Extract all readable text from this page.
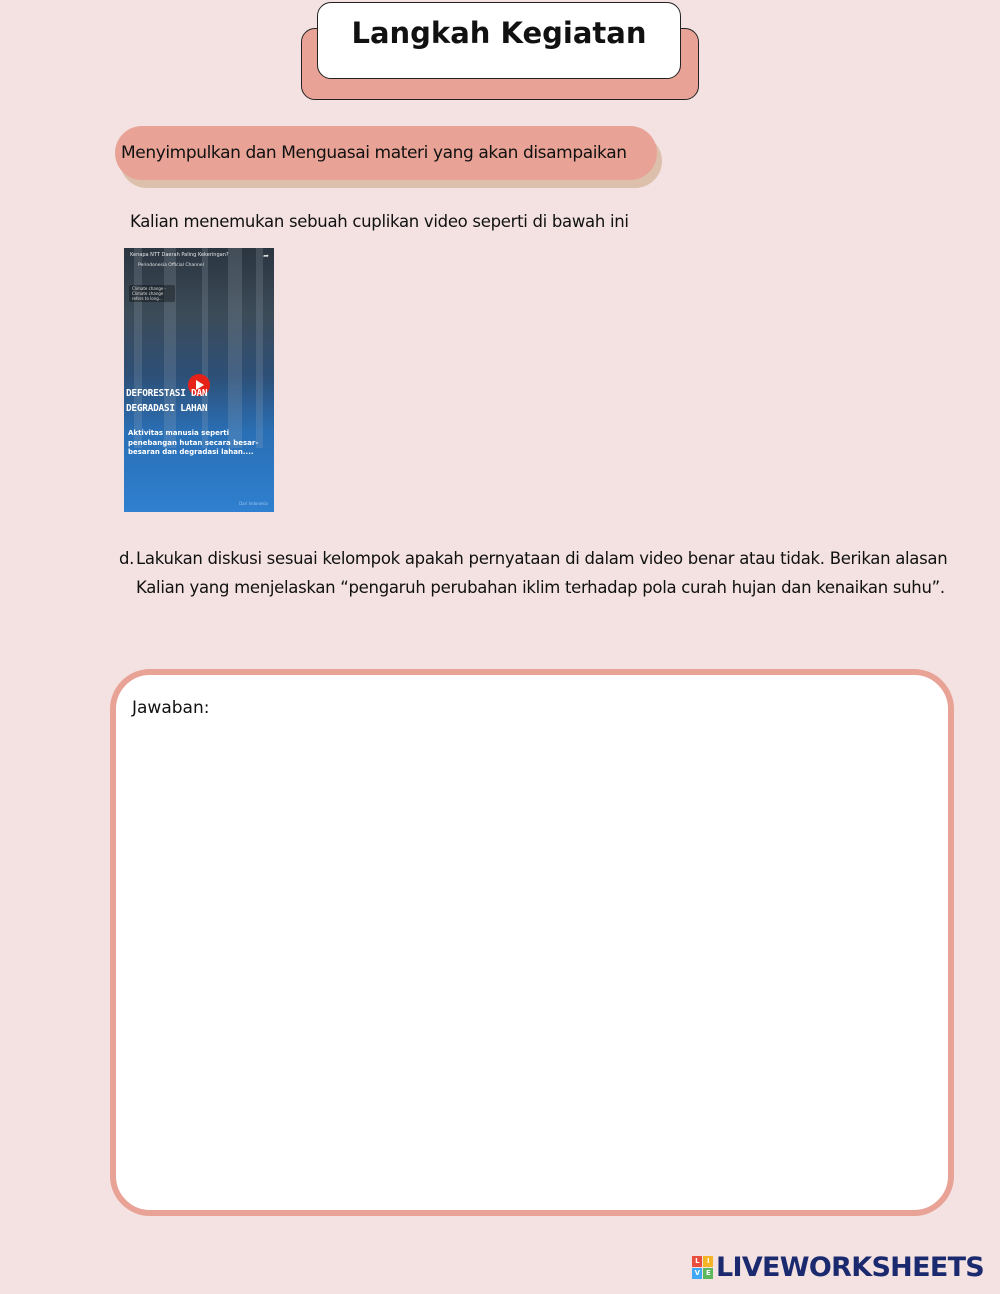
Langkah Kegiatan
Menyimpulkan dan Menguasai materi yang akan disampaikan
Kalian menemukan sebuah cuplikan video seperti di bawah ini
Kenapa NTT Daerah Paling Kekeringan?	➦
Perindonesia Official Channel
Climate change - Climate change refers to long...
DEFORESTASI DAN
DEGRADASI LAHAN
Aktivitas manusia seperti penebangan hutan secara besar-besaran dan degradasi lahan....
Dari Indonesia
d. Lakukan diskusi sesuai kelompok apakah pernyataan di dalam video benar atau tidak. Berikan alasan Kalian yang menjelaskan “pengaruh perubahan iklim terhadap pola curah hujan dan kenaikan suhu”.
Jawaban:
L	I
V E LIVEWORKSHEETS
